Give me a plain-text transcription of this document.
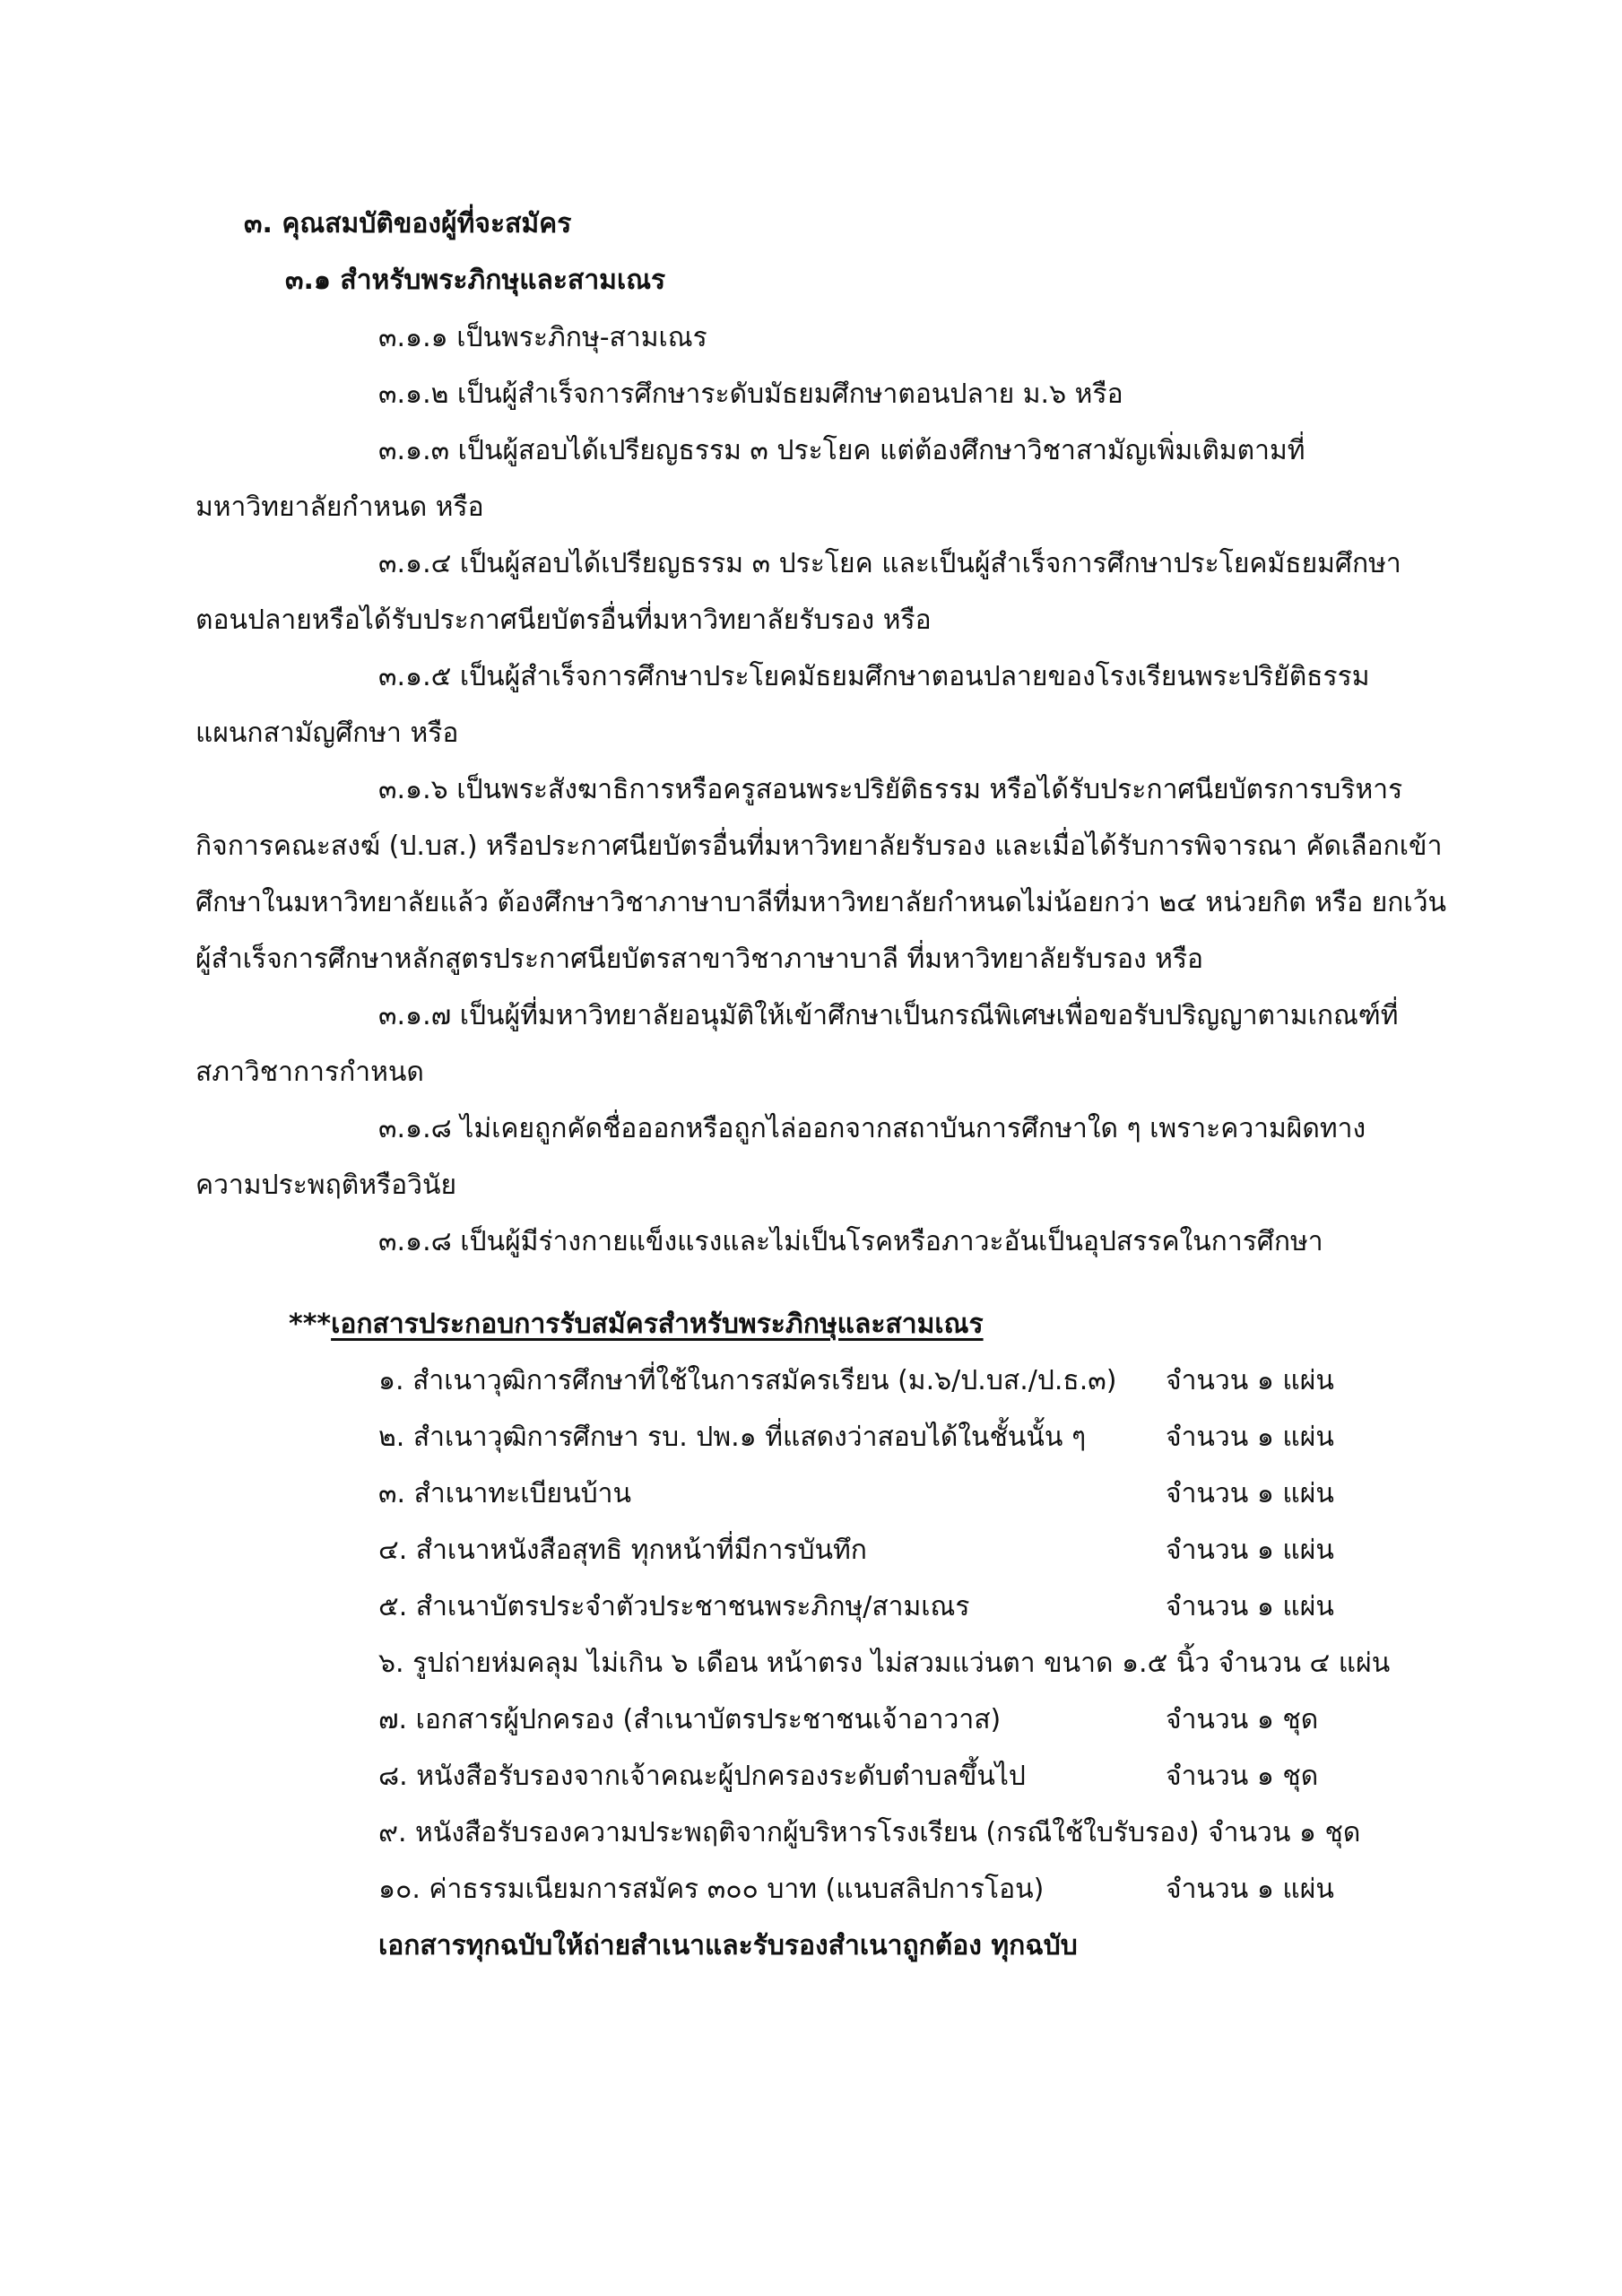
๓. คุณสมบัติของผู้ที่จะสมัคร
๓.๑ สำหรับพระภิกษุและสามเณร
๓.๑.๑ เป็นพระภิกษุ-สามเณร
๓.๑.๒ เป็นผู้สำเร็จการศึกษาระดับมัธยมศึกษาตอนปลาย ม.๖ หรือ
๓.๑.๓ เป็นผู้สอบได้เปรียญธรรม ๓ ประโยค แต่ต้องศึกษาวิชาสามัญเพิ่มเติมตามที่
มหาวิทยาลัยกำหนด หรือ
๓.๑.๔ เป็นผู้สอบได้เปรียญธรรม ๓ ประโยค และเป็นผู้สำเร็จการศึกษาประโยคมัธยมศึกษา
ตอนปลายหรือได้รับประกาศนียบัตรอื่นที่มหาวิทยาลัยรับรอง หรือ
๓.๑.๕ เป็นผู้สำเร็จการศึกษาประโยคมัธยมศึกษาตอนปลายของโรงเรียนพระปริยัติธรรม
แผนกสามัญศึกษา หรือ
๓.๑.๖ เป็นพระสังฆาธิการหรือครูสอนพระปริยัติธรรม หรือได้รับประกาศนียบัตรการบริหาร
กิจการคณะสงฆ์ (ป.บส.) หรือประกาศนียบัตรอื่นที่มหาวิทยาลัยรับรอง และเมื่อได้รับการพิจารณา คัดเลือกเข้า
ศึกษาในมหาวิทยาลัยแล้ว ต้องศึกษาวิชาภาษาบาลีที่มหาวิทยาลัยกำหนดไม่น้อยกว่า ๒๔ หน่วยกิต หรือ ยกเว้น
ผู้สำเร็จการศึกษาหลักสูตรประกาศนียบัตรสาขาวิชาภาษาบาลี ที่มหาวิทยาลัยรับรอง หรือ
๓.๑.๗ เป็นผู้ที่มหาวิทยาลัยอนุมัติให้เข้าศึกษาเป็นกรณีพิเศษเพื่อขอรับปริญญาตามเกณฑ์ที่
สภาวิชาการกำหนด
๓.๑.๘ ไม่เคยถูกคัดชื่อออกหรือถูกไล่ออกจากสถาบันการศึกษาใด ๆ เพราะความผิดทาง
ความประพฤติหรือวินัย
๓.๑.๘ เป็นผู้มีร่างกายแข็งแรงและไม่เป็นโรคหรือภาวะอันเป็นอุปสรรคในการศึกษา
***เอกสารประกอบการรับสมัครสำหรับพระภิกษุและสามเณร
๑. สำเนาวุฒิการศึกษาที่ใช้ในการสมัครเรียน (ม.๖/ป.บส./ป.ธ.๓) จำนวน ๑ แผ่น
๒. สำเนาวุฒิการศึกษา รบ. ปพ.๑ ที่แสดงว่าสอบได้ในชั้นนั้น ๆ	จำนวน ๑ แผ่น
๓. สำเนาทะเบียนบ้าน	จำนวน ๑ แผ่น
๔. สำเนาหนังสือสุทธิ ทุกหน้าที่มีการบันทึก	จำนวน ๑ แผ่น
๕. สำเนาบัตรประจำตัวประชาชนพระภิกษุ/สามเณร	จำนวน ๑ แผ่น
๖. รูปถ่ายห่มคลุม ไม่เกิน ๖ เดือน หน้าตรง ไม่สวมแว่นตา ขนาด ๑.๕ นิ้ว จำนวน ๔ แผ่น
๗. เอกสารผู้ปกครอง (สำเนาบัตรประชาชนเจ้าอาวาส)	จำนวน ๑ ชุด
๘. หนังสือรับรองจากเจ้าคณะผู้ปกครองระดับตำบลขึ้นไป	จำนวน ๑ ชุด
๙. หนังสือรับรองความประพฤติจากผู้บริหารโรงเรียน (กรณีใช้ใบรับรอง) จำนวน ๑ ชุด
๑๐. ค่าธรรมเนียมการสมัคร ๓๐๐ บาท (แนบสลิปการโอน)	จำนวน ๑ แผ่น
เอกสารทุกฉบับให้ถ่ายสำเนาและรับรองสำเนาถูกต้อง ทุกฉบับ
